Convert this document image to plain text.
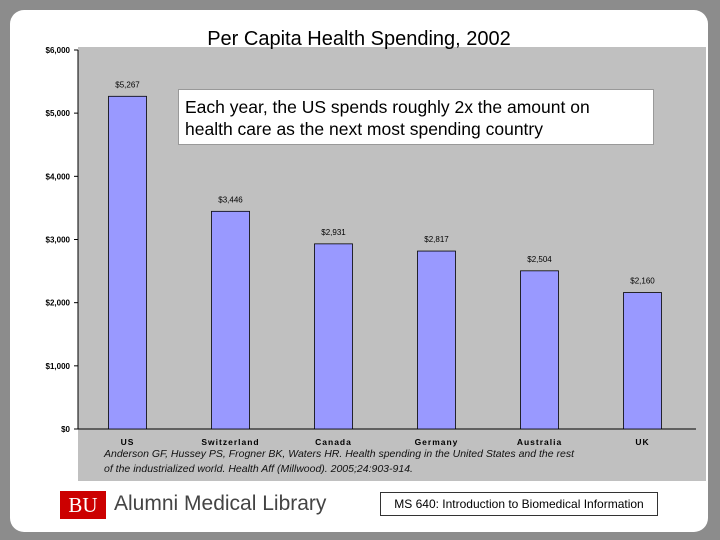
$0
$1,000
$2,000
$3,000
$4,000
$5,000
$6,000
$5,267
US
$3,446
Switzerland
$2,931
Canada
$2,817
Germany
$2,504
Australia
$2,160
UK
Per Capita Health Spending, 2002
Each year, the US spends roughly 2x the amount on
health care as the next most spending country
Anderson GF, Hussey PS, Frogner BK, Waters HR. Health spending in the United States and the rest
of the industrialized world. Health Aff (Millwood). 2005;24:903-914.
BU Alumni Medical Library	MS 640: Introduction to Biomedical Information
